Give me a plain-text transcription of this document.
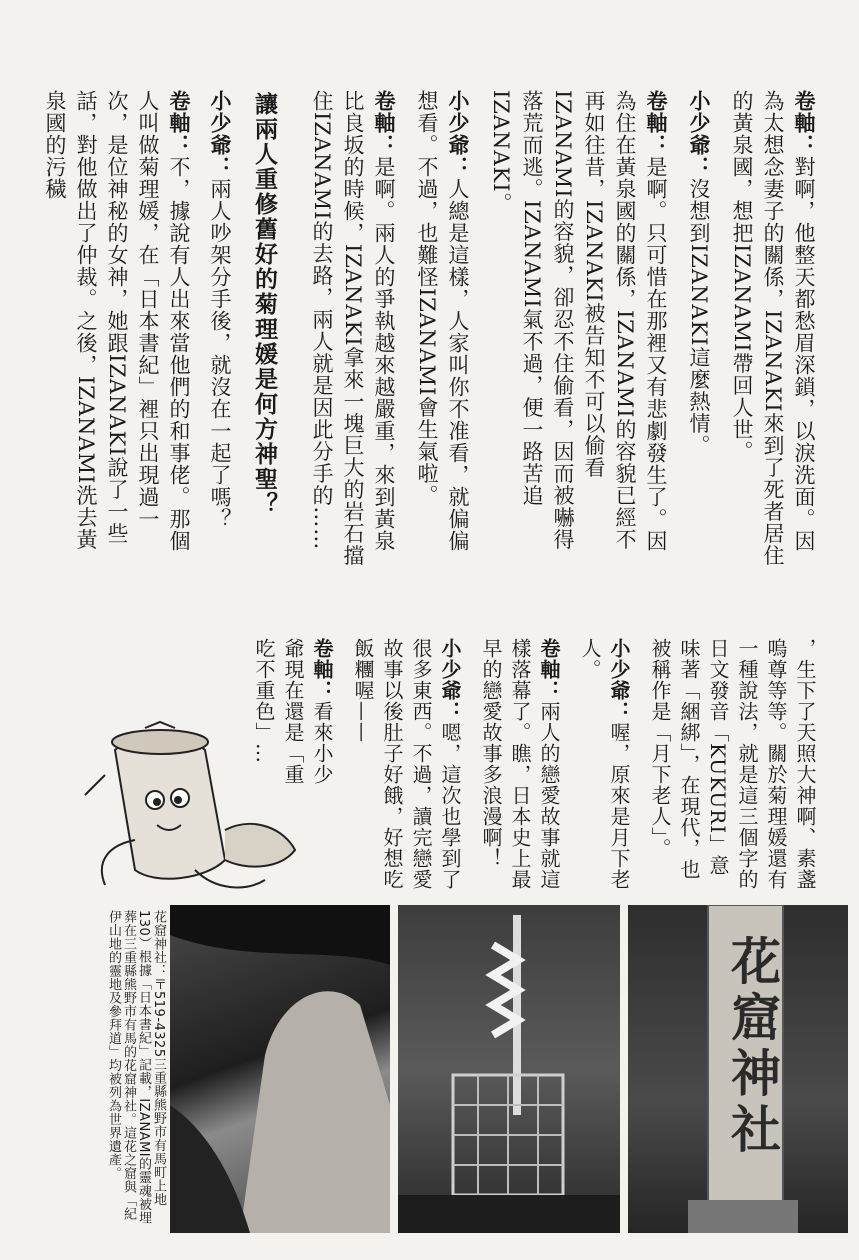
卷軸：對啊，他整天都愁眉深鎖，以淚洗面。因為太想念妻子的關係，IZANAKI來到了死者居住的黃泉國，想把IZANAMI帶回人世。

小少爺：沒想到IZANAKI這麼熱情。

卷軸：是啊。只可惜在那裡又有悲劇發生了。因為住在黃泉國的關係，IZANAMI的容貌已經不再如往昔，IZANAKI被告知不可以偷看IZANAMI的容貌，卻忍不住偷看，因而被嚇得落荒而逃。IZANAMI氣不過，便一路苦追IZANAKI。

小少爺：人總是這樣，人家叫你不准看，就偏偏想看。不過，也難怪IZANAMI會生氣啦。

卷軸：是啊。兩人的爭執越來越嚴重，來到黃泉比良坂的時候，IZANAKI拿來一塊巨大的岩石擋住IZANAMI的去路，兩人就是因此分手的……

讓兩人重修舊好的菊理媛是何方神聖？

小少爺：兩人吵架分手後，就沒在一起了嗎？

卷軸：不，據說有人出來當他們的和事佬。那個人叫做菊理媛，在「日本書紀」裡只出現過一次，是位神秘的女神，她跟IZANAKI說了一些話，對他做出了仲裁。之後，IZANAMI洗去黃泉國的污穢

，生下了天照大神啊、素盞嗚尊等等。關於菊理媛還有一種說法，就是這三個字的日文發音「KUKURI」意味著「綑綁」，在現代，也被稱作是「月下老人」。

小少爺：喔，原來是月下老人。

卷軸：兩人的戀愛故事就這樣落幕了。瞧，日本史上最早的戀愛故事多浪漫啊！

小少爺：嗯，這次也學到了很多東西。不過，讀完戀愛故事以後肚子好餓，好想吃飯糰喔——

卷軸：看來小少爺現在還是「重吃不重色」…

花窟神社
花窟神社：〒519-4325三重縣熊野市有馬町上地130）根據「日本書紀」記載，IZANAMI的靈魂被埋葬在三重縣熊野市有馬的花窟神社。這花之窟與「紀伊山地的靈地及參拜道」均被列為世界遺產。
